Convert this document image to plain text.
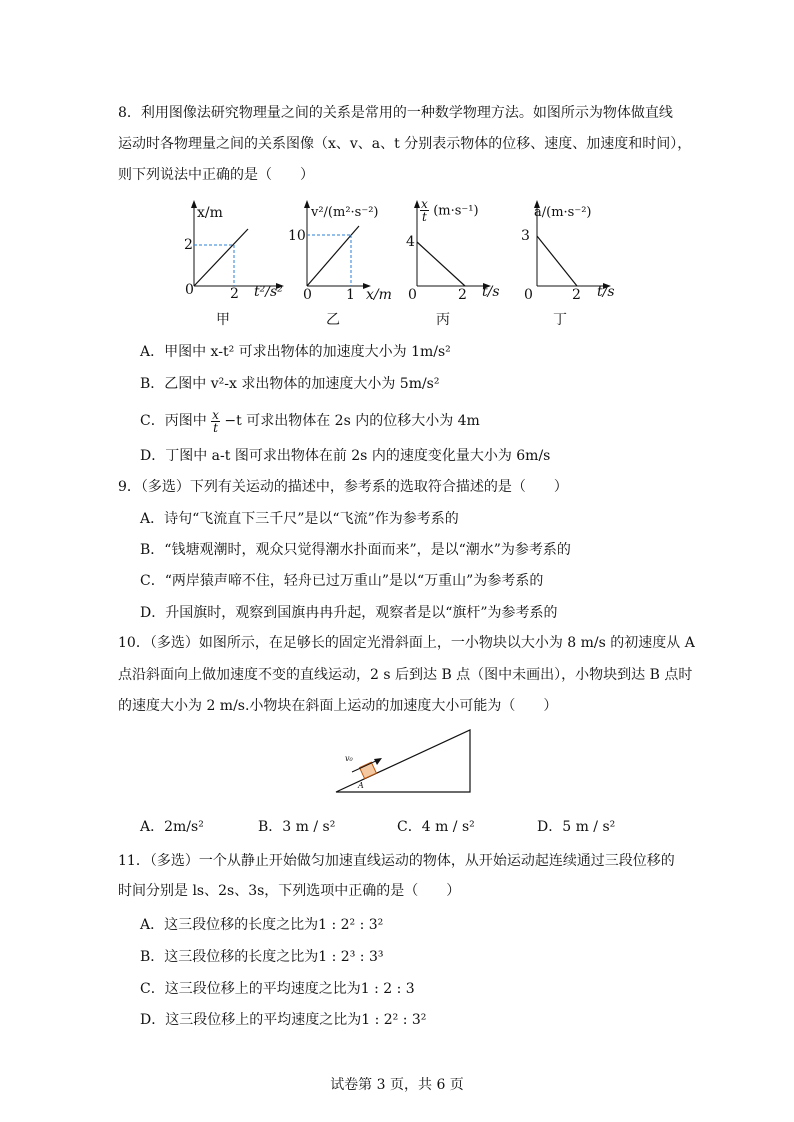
8．利用图像法研究物理量之间的关系是常用的一种数学物理方法。如图所示为物体做直线
运动时各物理量之间的关系图像（x、v、a、t 分别表示物体的位移、速度、加速度和时间），
则下列说法中正确的是（　　）
x/m
2
0	2 t²/s²
甲
v²/(m²·s⁻²)
10
0 1 x/m
乙
$\frac{x}{t} (m\cdot s^{-1})$
4
0	2 t/s
丙
a/(m·s⁻²)
3
0	2 t/s
丁
A．甲图中 x-t² 可求出物体的加速度大小为 1m/s²
B．乙图中 v²-x 求出物体的加速度大小为 5m/s²
C．丙图中 $\frac{x}{t} -t$ 可求出物体在 2s 内的位移大小为 4m
D．丁图中 a-t 图可求出物体在前 2s 内的速度变化量大小为 6m/s
9．（多选）下列有关运动的描述中，参考系的选取符合描述的是（　　）
A．诗句“飞流直下三千尺”是以“飞流”作为参考系的
B．“钱塘观潮时，观众只觉得潮水扑面而来”，是以“潮水”为参考系的
C．“两岸猿声啼不住，轻舟已过万重山”是以“万重山”为参考系的
D．升国旗时，观察到国旗冉冉升起，观察者是以“旗杆”为参考系的
10．（多选）如图所示，在足够长的固定光滑斜面上，一小物块以大小为 8 m/s 的初速度从 A
点沿斜面向上做加速度不变的直线运动，2 s 后到达 B 点（图中未画出），小物块到达 B 点时
的速度大小为 2 m/s.小物块在斜面上运动的加速度大小可能为（　　）
v₀
A
A．2m/s²	B．3 m / s²	C．4 m / s²	D．5 m / s²
11．（多选）一个从静止开始做匀加速直线运动的物体，从开始运动起连续通过三段位移的
时间分别是 ls、2s、3s，下列选项中正确的是（　　）
A．这三段位移的长度之比为1 : 2² : 3²
B．这三段位移的长度之比为1 : 2³ : 3³
C．这三段位移上的平均速度之比为1 : 2 : 3
D．这三段位移上的平均速度之比为1 : 2² : 3²
试卷第 3 页，共 6 页
